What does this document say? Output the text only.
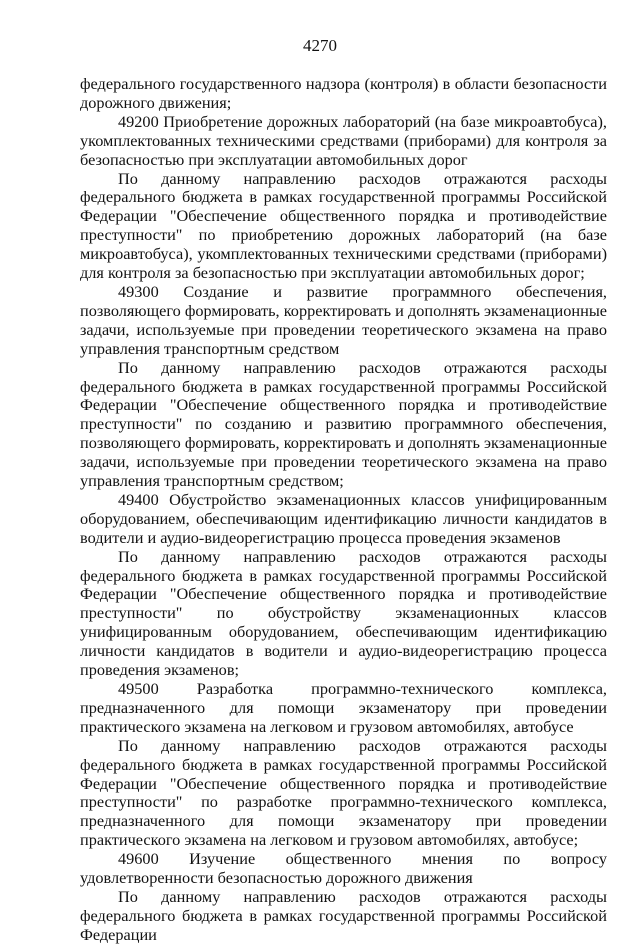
4270

федерального государственного надзора (контроля) в области безопасности дорожного движения;

49200 Приобретение дорожных лабораторий (на базе микроавтобуса), укомплектованных техническими средствами (приборами) для контроля за безопасностью при эксплуатации автомобильных дорог

По данному направлению расходов отражаются расходы федерального бюджета в рамках государственной программы Российской Федерации "Обеспечение общественного порядка и противодействие преступности" по приобретению дорожных лабораторий (на базе микроавтобуса), укомплектованных техническими средствами (приборами) для контроля за безопасностью при эксплуатации автомобильных дорог;

49300 Создание и развитие программного обеспечения, позволяющего формировать, корректировать и дополнять экзаменационные задачи, используемые при проведении теоретического экзамена на право управления транспортным средством

По данному направлению расходов отражаются расходы федерального бюджета в рамках государственной программы Российской Федерации "Обеспечение общественного порядка и противодействие преступности" по созданию и развитию программного обеспечения, позволяющего формировать, корректировать и дополнять экзаменационные задачи, используемые при проведении теоретического экзамена на право управления транспортным средством;

49400 Обустройство экзаменационных классов унифицированным оборудованием, обеспечивающим идентификацию личности кандидатов в водители и аудио-видеорегистрацию процесса проведения экзаменов

По данному направлению расходов отражаются расходы федерального бюджета в рамках государственной программы Российской Федерации "Обеспечение общественного порядка и противодействие преступности" по обустройству экзаменационных классов унифицированным оборудованием, обеспечивающим идентификацию личности кандидатов в водители и аудио-видеорегистрацию процесса проведения экзаменов;

49500 Разработка программно-технического комплекса, предназначенного для помощи экзаменатору при проведении практического экзамена на легковом и грузовом автомобилях, автобусе

По данному направлению расходов отражаются расходы федерального бюджета в рамках государственной программы Российской Федерации "Обеспечение общественного порядка и противодействие преступности" по разработке программно-технического комплекса, предназначенного для помощи экзаменатору при проведении практического экзамена на легковом и грузовом автомобилях, автобусе;

49600 Изучение общественного мнения по вопросу удовлетворенности безопасностью дорожного движения

По данному направлению расходов отражаются расходы федерального бюджета в рамках государственной программы Российской Федерации
